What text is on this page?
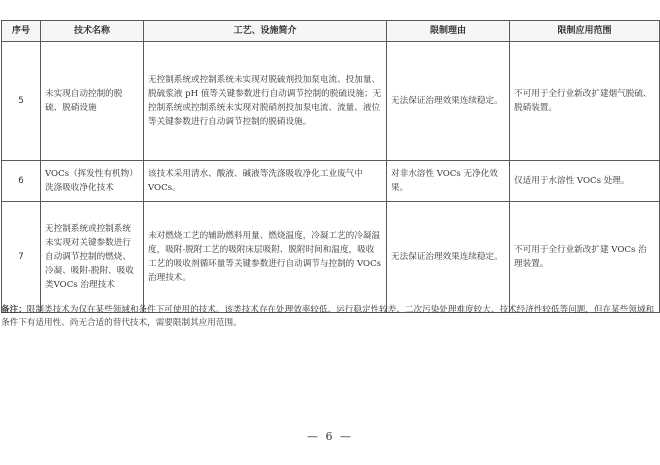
序号	技术名称	工艺、设施简介	限制理由	限制应用范围
5	未实现自动控制的脱硫、脱硝设施	无控制系统或控制系统未实现对脱硫剂投加泵电流、投加量、脱硫浆液 pH 值等关键参数进行自动调节控制的脱硫设施；无控制系统或控制系统未实现对脱硝剂投加泵电流、流量、液位等关键参数进行自动调节控制的脱硝设施。	无法保证治理效果连续稳定。	不可用于全行业新改扩建烟气脱硫、脱硝装置。
6	VOCs（挥发性有机物）洗涤吸收净化技术	该技术采用清水、酸液、碱液等洗涤吸收净化工业废气中 VOCs。	对非水溶性 VOCs 无净化效果。	仅适用于水溶性 VOCs 处理。
7	无控制系统或控制系统未实现对关键参数进行自动调节控制的燃烧、冷凝、吸附-脱附、吸收类VOCs 治理技术	未对燃烧工艺的辅助燃料用量、燃烧温度，冷凝工艺的冷凝温度，吸附-脱附工艺的吸附床层吸附、脱附时间和温度，吸收工艺的吸收剂循环量等关键参数进行自动调节与控制的 VOCs 治理技术。	无法保证治理效果连续稳定。	不可用于全行业新改扩建 VOCs 治理装置。
备注：限制类技术为仅在某些领域和条件下可使用的技术。该类技术存在处理效率较低、运行稳定性较差、二次污染处理难度较大、技术经济性较低等问题，但在某些领域和条件下有适用性、尚无合适的替代技术，需要限制其应用范围。
— 6 —
